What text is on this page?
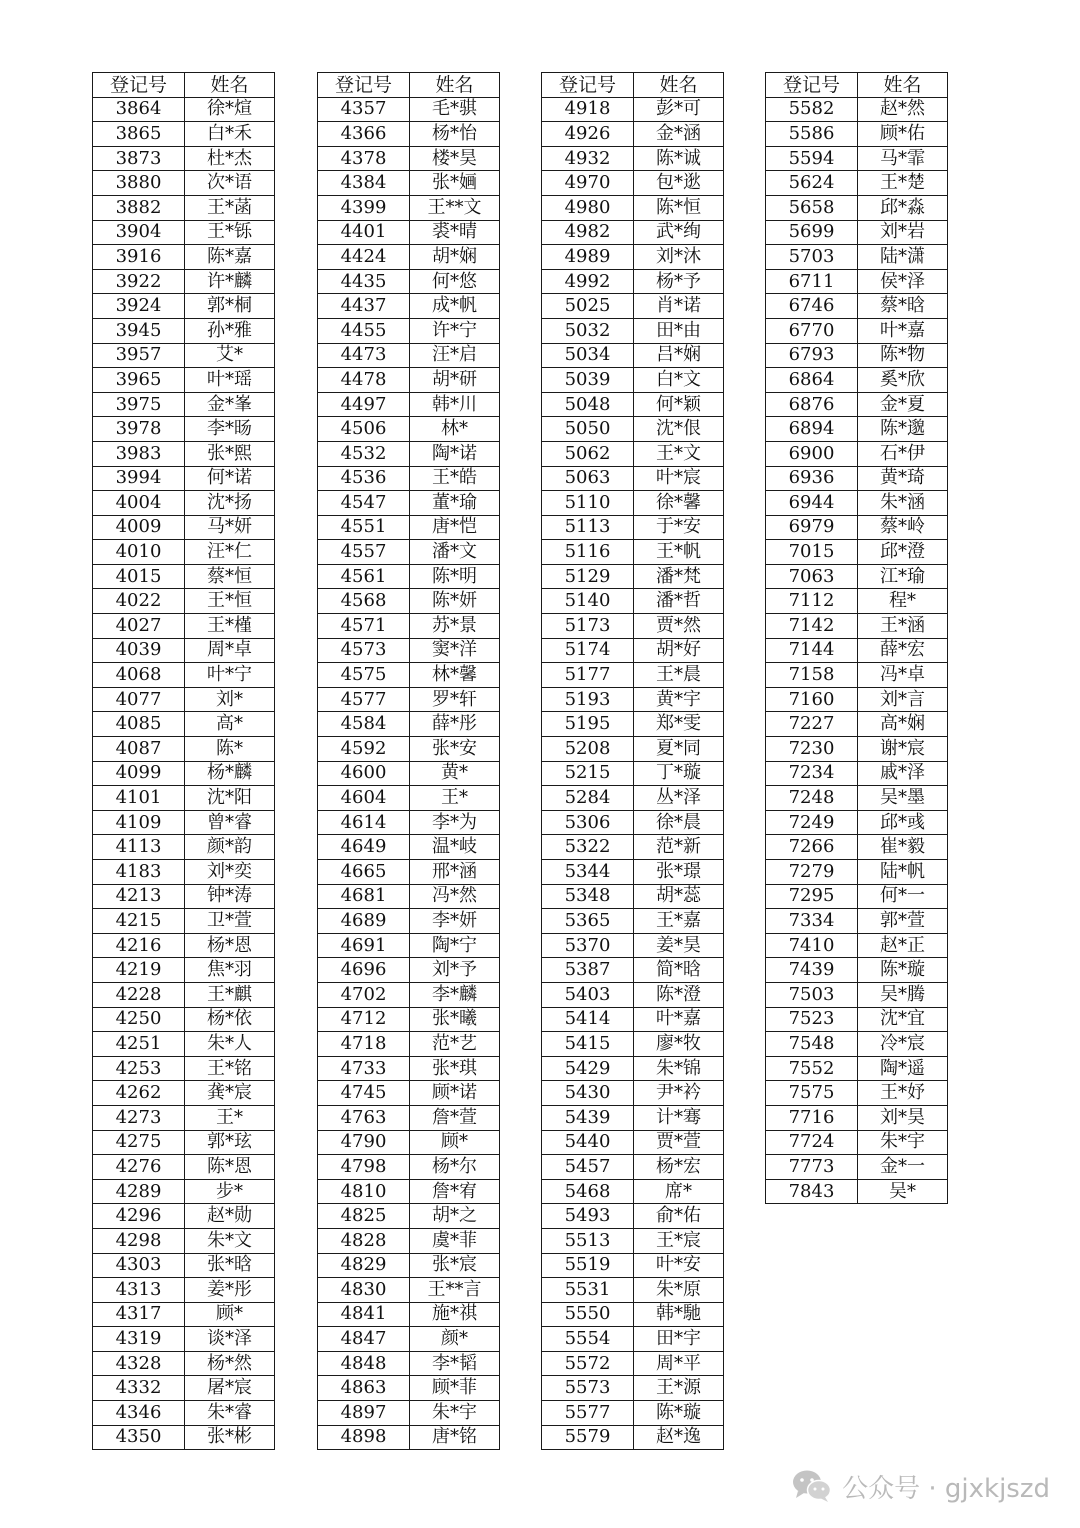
登记号	姓名
3864	徐*煊
3865	白*禾
3873	杜*杰
3880	次*语
3882	王*菡
3904	王*铄
3916	陈*嘉
3922	许*麟
3924	郭*桐
3945	孙*雅
3957	艾*
3965	叶*瑶
3975	金*峯
3978	李*旸
3983	张*熙
3994	何*诺
4004	沈*扬
4009	马*妍
4010	汪*仁
4015	蔡*恒
4022	王*恒
4027	王*槿
4039	周*卓
4068	叶*宁
4077	刘*
4085	高*
4087	陈*
4099	杨*麟
4101	沈*阳
4109	曾*睿
4113	颜*韵
4183	刘*奕
4213	钟*涛
4215	卫*萱
4216	杨*恩
4219	焦*羽
4228	王*麒
4250	杨*依
4251	朱*人
4253	王*铭
4262	龚*宸
4273	王*
4275	郭*玹
4276	陈*恩
4289	步*
4296	赵*勋
4298	朱*文
4303	张*晗
4313	姜*彤
4317	顾*
4319	谈*泽
4328	杨*然
4332	屠*宸
4346	朱*睿
4350	张*彬
登记号	姓名
4357	毛*骐
4366	杨*怡
4378	楼*昊
4384	张*婳
4399	王**文
4401	裘*晴
4424	胡*娴
4435	何*悠
4437	成*帆
4455	许*宁
4473	汪*启
4478	胡*研
4497	韩*川
4506	林*
4532	陶*诺
4536	王*皓
4547	董*瑜
4551	唐*恺
4557	潘*文
4561	陈*明
4568	陈*妍
4571	苏*景
4573	窦*洋
4575	林*馨
4577	罗*轩
4584	薛*彤
4592	张*安
4600	黄*
4604	王*
4614	李*为
4649	温*岐
4665	邢*涵
4681	冯*然
4689	李*妍
4691	陶*宁
4696	刘*予
4702	李*麟
4712	张*曦
4718	范*艺
4733	张*琪
4745	顾*诺
4763	詹*萱
4790	顾*
4798	杨*尔
4810	詹*宥
4825	胡*之
4828	虞*菲
4829	张*宸
4830	王**言
4841	施*祺
4847	颜*
4848	李*韬
4863	顾*菲
4897	朱*宇
4898	唐*铭
登记号	姓名
4918	彭*可
4926	金*涵
4932	陈*诚
4970	包*逖
4980	陈*恒
4982	武*绚
4989	刘*沐
4992	杨*予
5025	肖*诺
5032	田*由
5034	吕*娴
5039	白*文
5048	何*颖
5050	沈*佷
5062	王*文
5063	叶*宸
5110	徐*馨
5113	于*安
5116	王*帆
5129	潘*梵
5140	潘*哲
5173	贾*然
5174	胡*好
5177	王*晨
5193	黄*宇
5195	郑*雯
5208	夏*同
5215	丁*璇
5284	丛*泽
5306	徐*晨
5322	范*新
5344	张*璟
5348	胡*蕊
5365	王*嘉
5370	姜*昊
5387	简*晗
5403	陈*澄
5414	叶*嘉
5415	廖*牧
5429	朱*锦
5430	尹*衿
5439	计*骞
5440	贾*萱
5457	杨*宏
5468	席*
5493	俞*佑
5513	王*宸
5519	叶*安
5531	朱*原
5550	韩*馳
5554	田*宇
5572	周*平
5573	王*源
5577	陈*璇
5579	赵*逸
登记号	姓名
5582	赵*然
5586	顾*佑
5594	马*霏
5624	王*楚
5658	邱*淼
5699	刘*岩
5703	陆*潇
6711	侯*泽
6746	蔡*晗
6770	叶*嘉
6793	陈*物
6864	奚*欣
6876	金*夏
6894	陈*邈
6900	石*伊
6936	黄*琦
6944	朱*涵
6979	蔡*岭
7015	邱*澄
7063	江*瑜
7112	程*
7142	王*涵
7144	薛*宏
7158	冯*卓
7160	刘*言
7227	高*娴
7230	谢*宸
7234	戚*泽
7248	吴*墨
7249	邱*彧
7266	崔*毅
7279	陆*帆
7295	何*一
7334	郭*萱
7410	赵*正
7439	陈*璇
7503	吴*腾
7523	沈*宜
7548	冷*宸
7552	陶*遥
7575	王*妤
7716	刘*昊
7724	朱*宇
7773	金*一
7843	吴*
公众号 · gjxkjszd
